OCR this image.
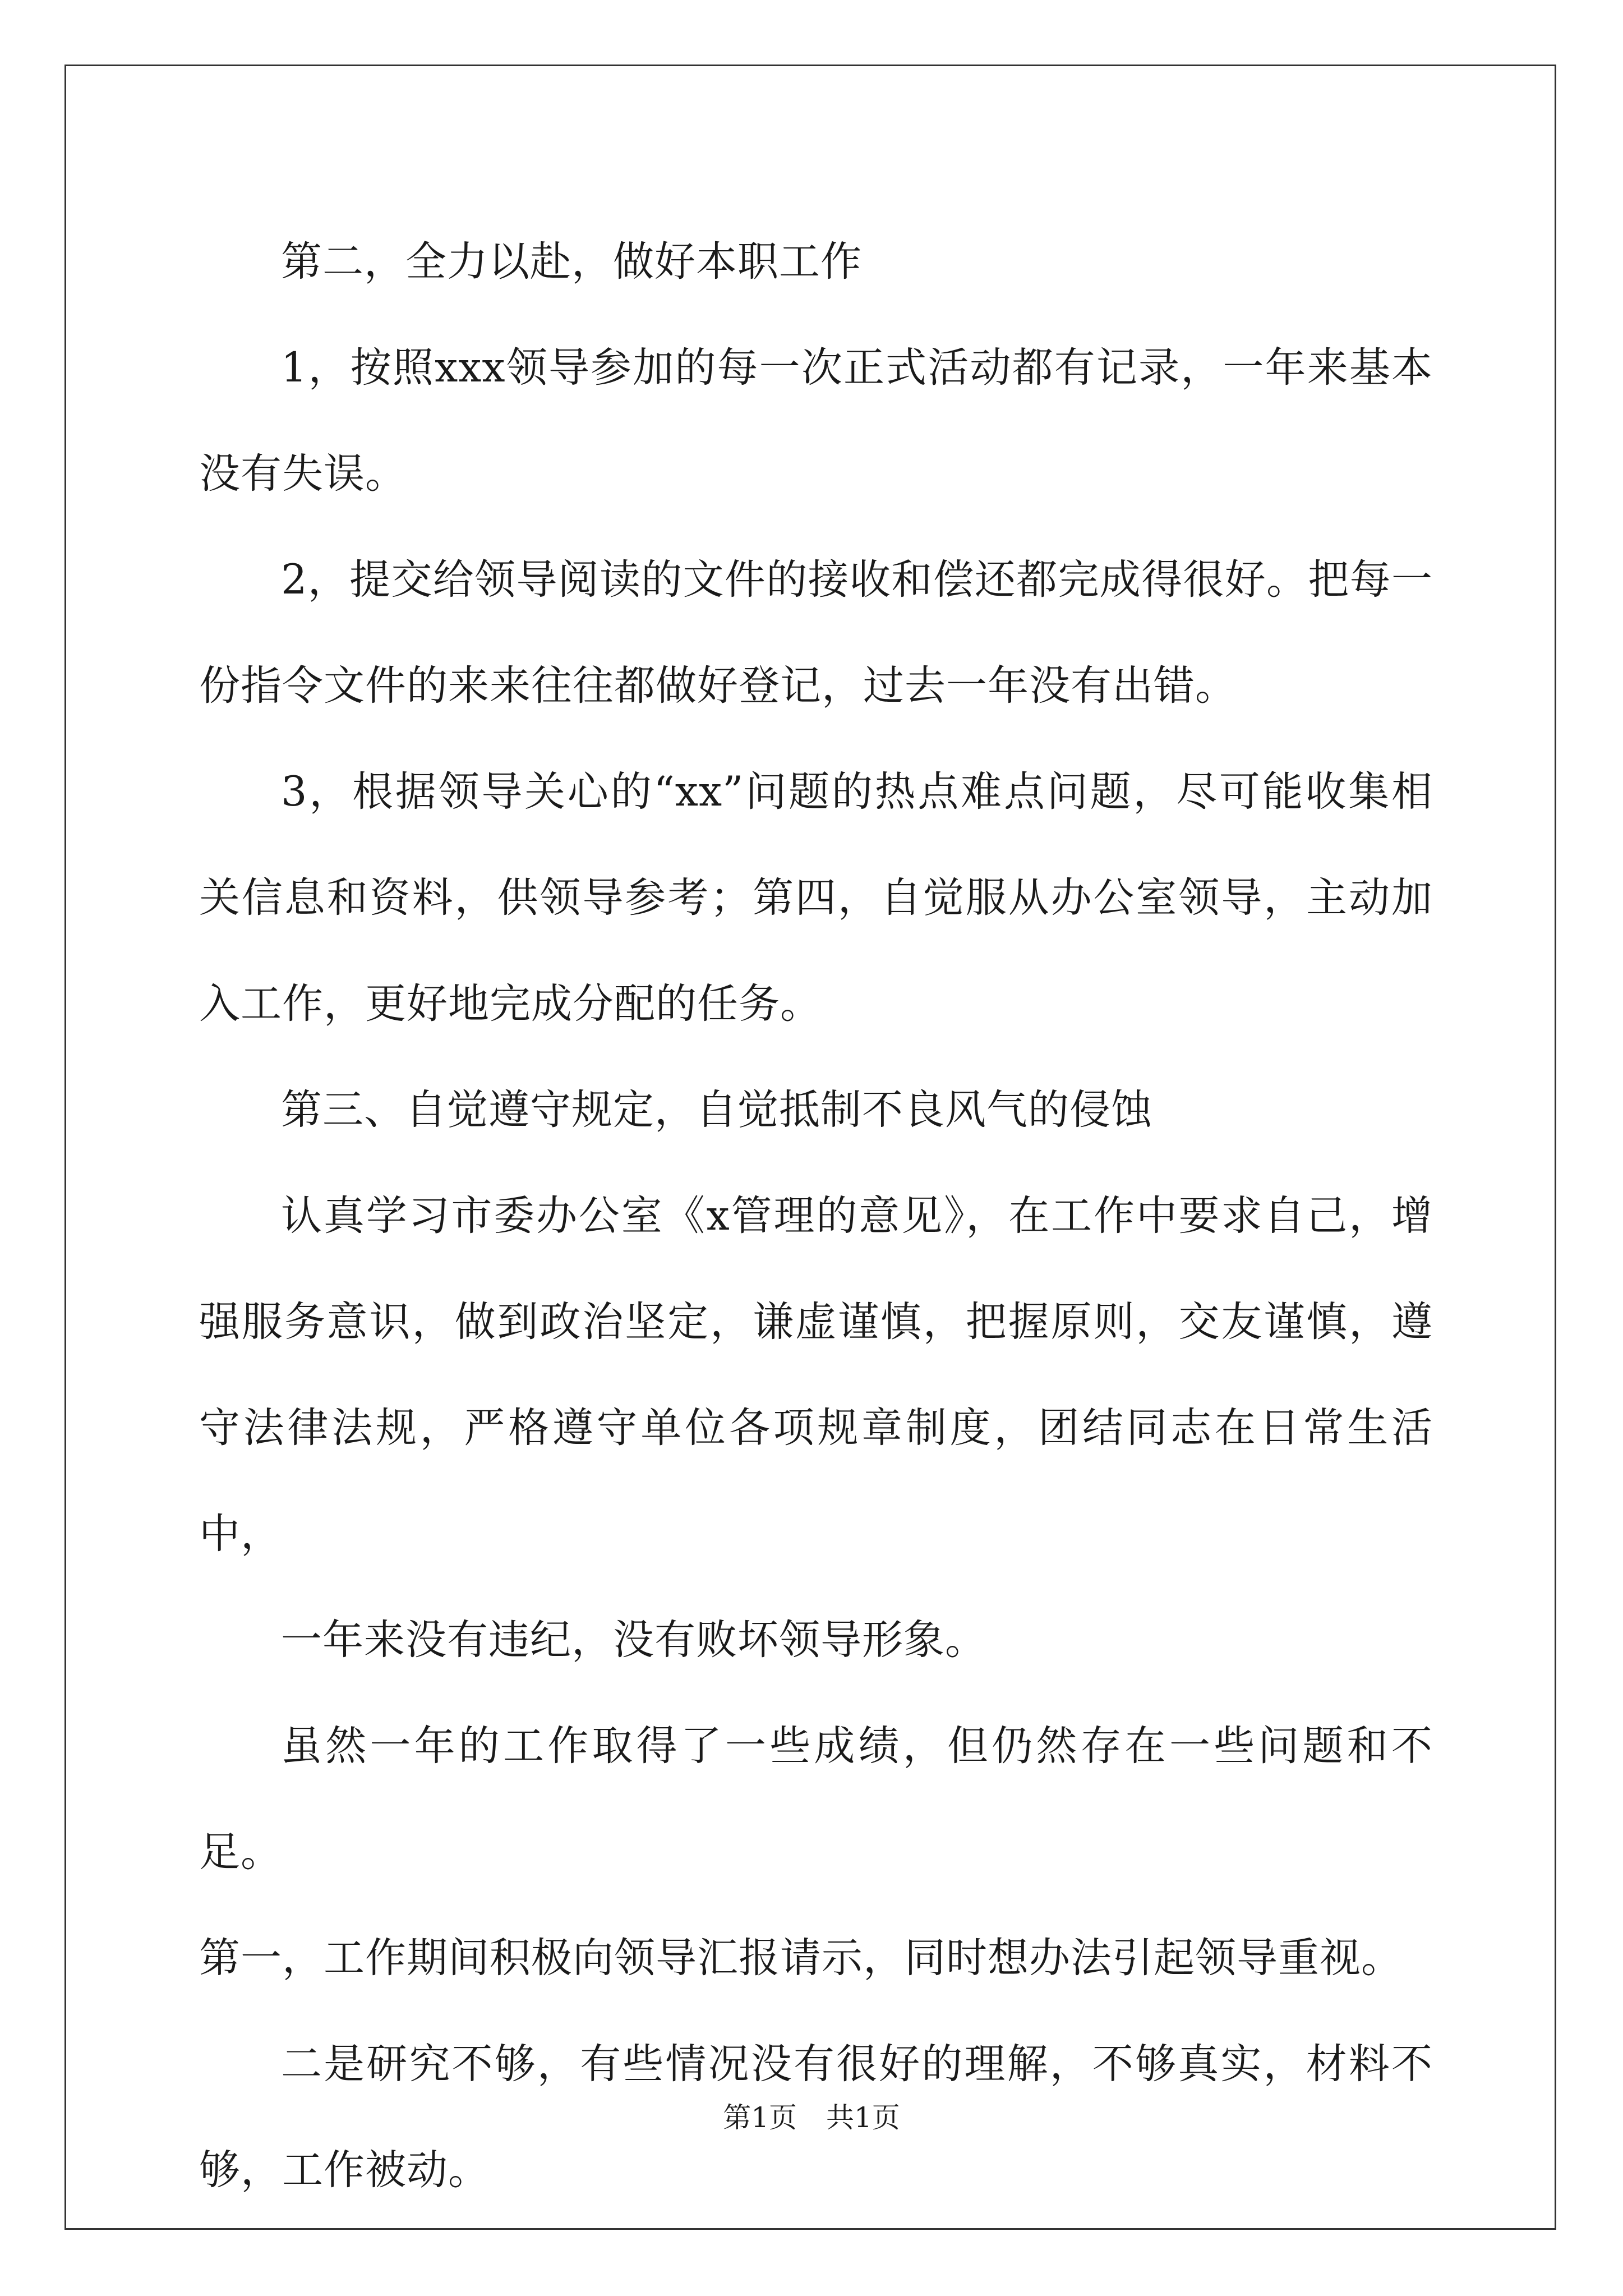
第二，全力以赴，做好本职工作

1，按照xxx领导参加的每一次正式活动都有记录，一年来基本没有失误。

2，提交给领导阅读的文件的接收和偿还都完成得很好。把每一份指令文件的来来往往都做好登记，过去一年没有出错。

3，根据领导关心的“xx”问题的热点难点问题，尽可能收集相关信息和资料，供领导参考；第四，自觉服从办公室领导，主动加入工作，更好地完成分配的任务。

第三、自觉遵守规定，自觉抵制不良风气的侵蚀

认真学习市委办公室《x管理的意见》，在工作中要求自己，增强服务意识，做到政治坚定，谦虚谨慎，把握原则，交友谨慎，遵守法律法规，严格遵守单位各项规章制度，团结同志在日常生活中，

一年来没有违纪，没有败坏领导形象。

虽然一年的工作取得了一些成绩，但仍然存在一些问题和不足。

第一，工作期间积极向领导汇报请示，同时想办法引起领导重视。

二是研究不够，有些情况没有很好的理解，不够真实，材料不够，工作被动。

第1页 共1页
